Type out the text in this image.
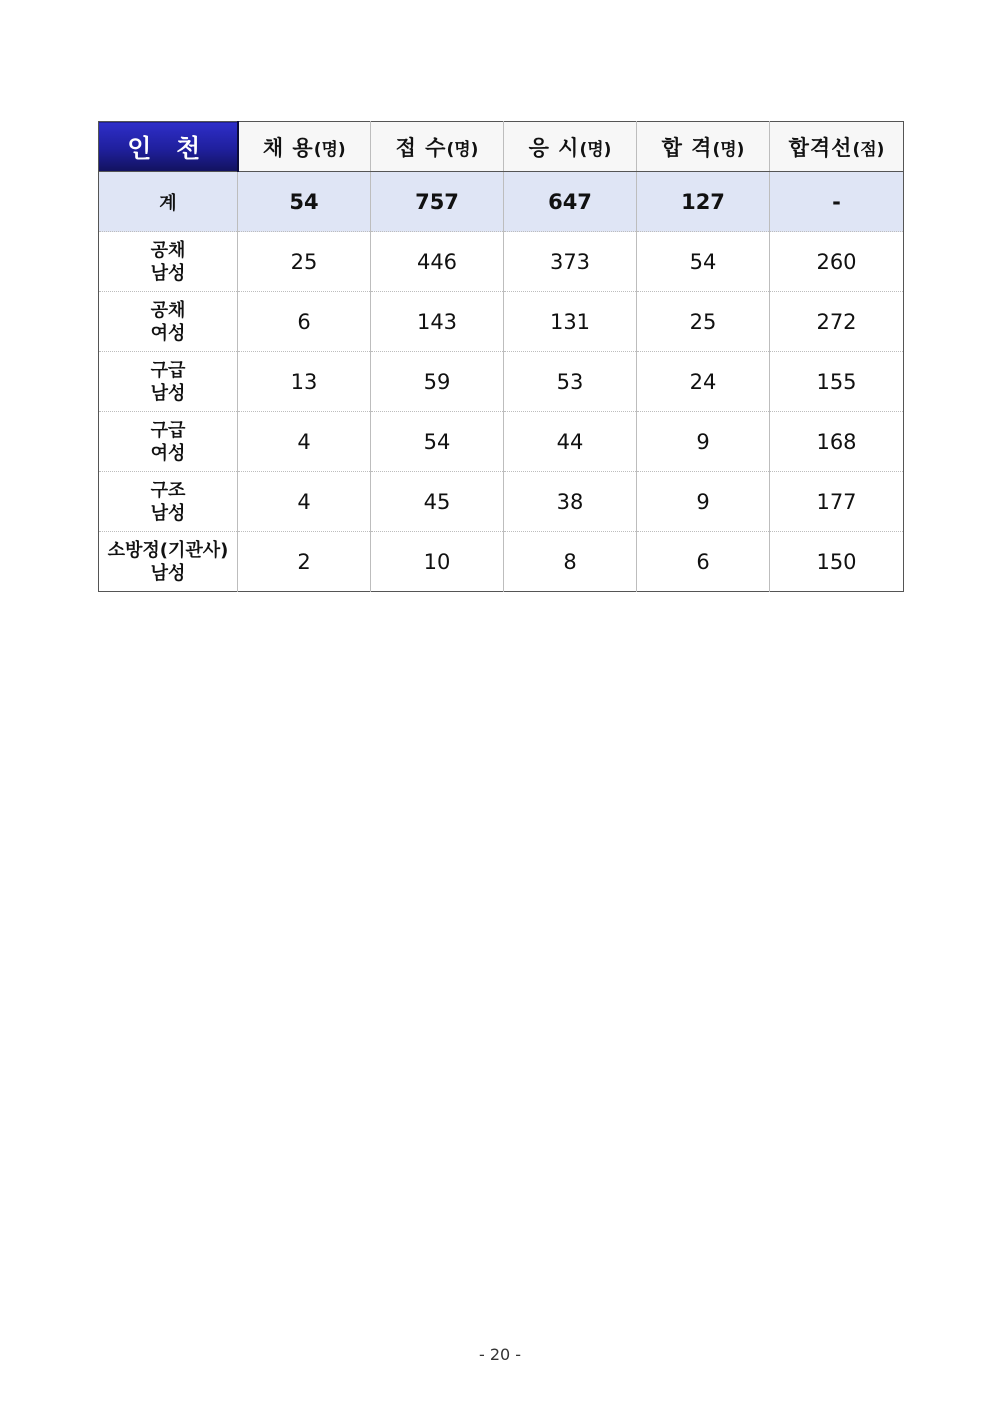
인 천	채 용(명)	접 수(명)	응 시(명)	합 격(명)	합격선(점)
계	54	757	647	127	-

공채
남성	25	446	373	54	260

공채
여성	6	143	131	25	272

구급
남성	13	59	53	24	155

구급
여성	4	54	44	9	168

구조
남성	4	45	38	9	177

소방정(기관사)
남성	2	10	8	6	150
- 20 -
